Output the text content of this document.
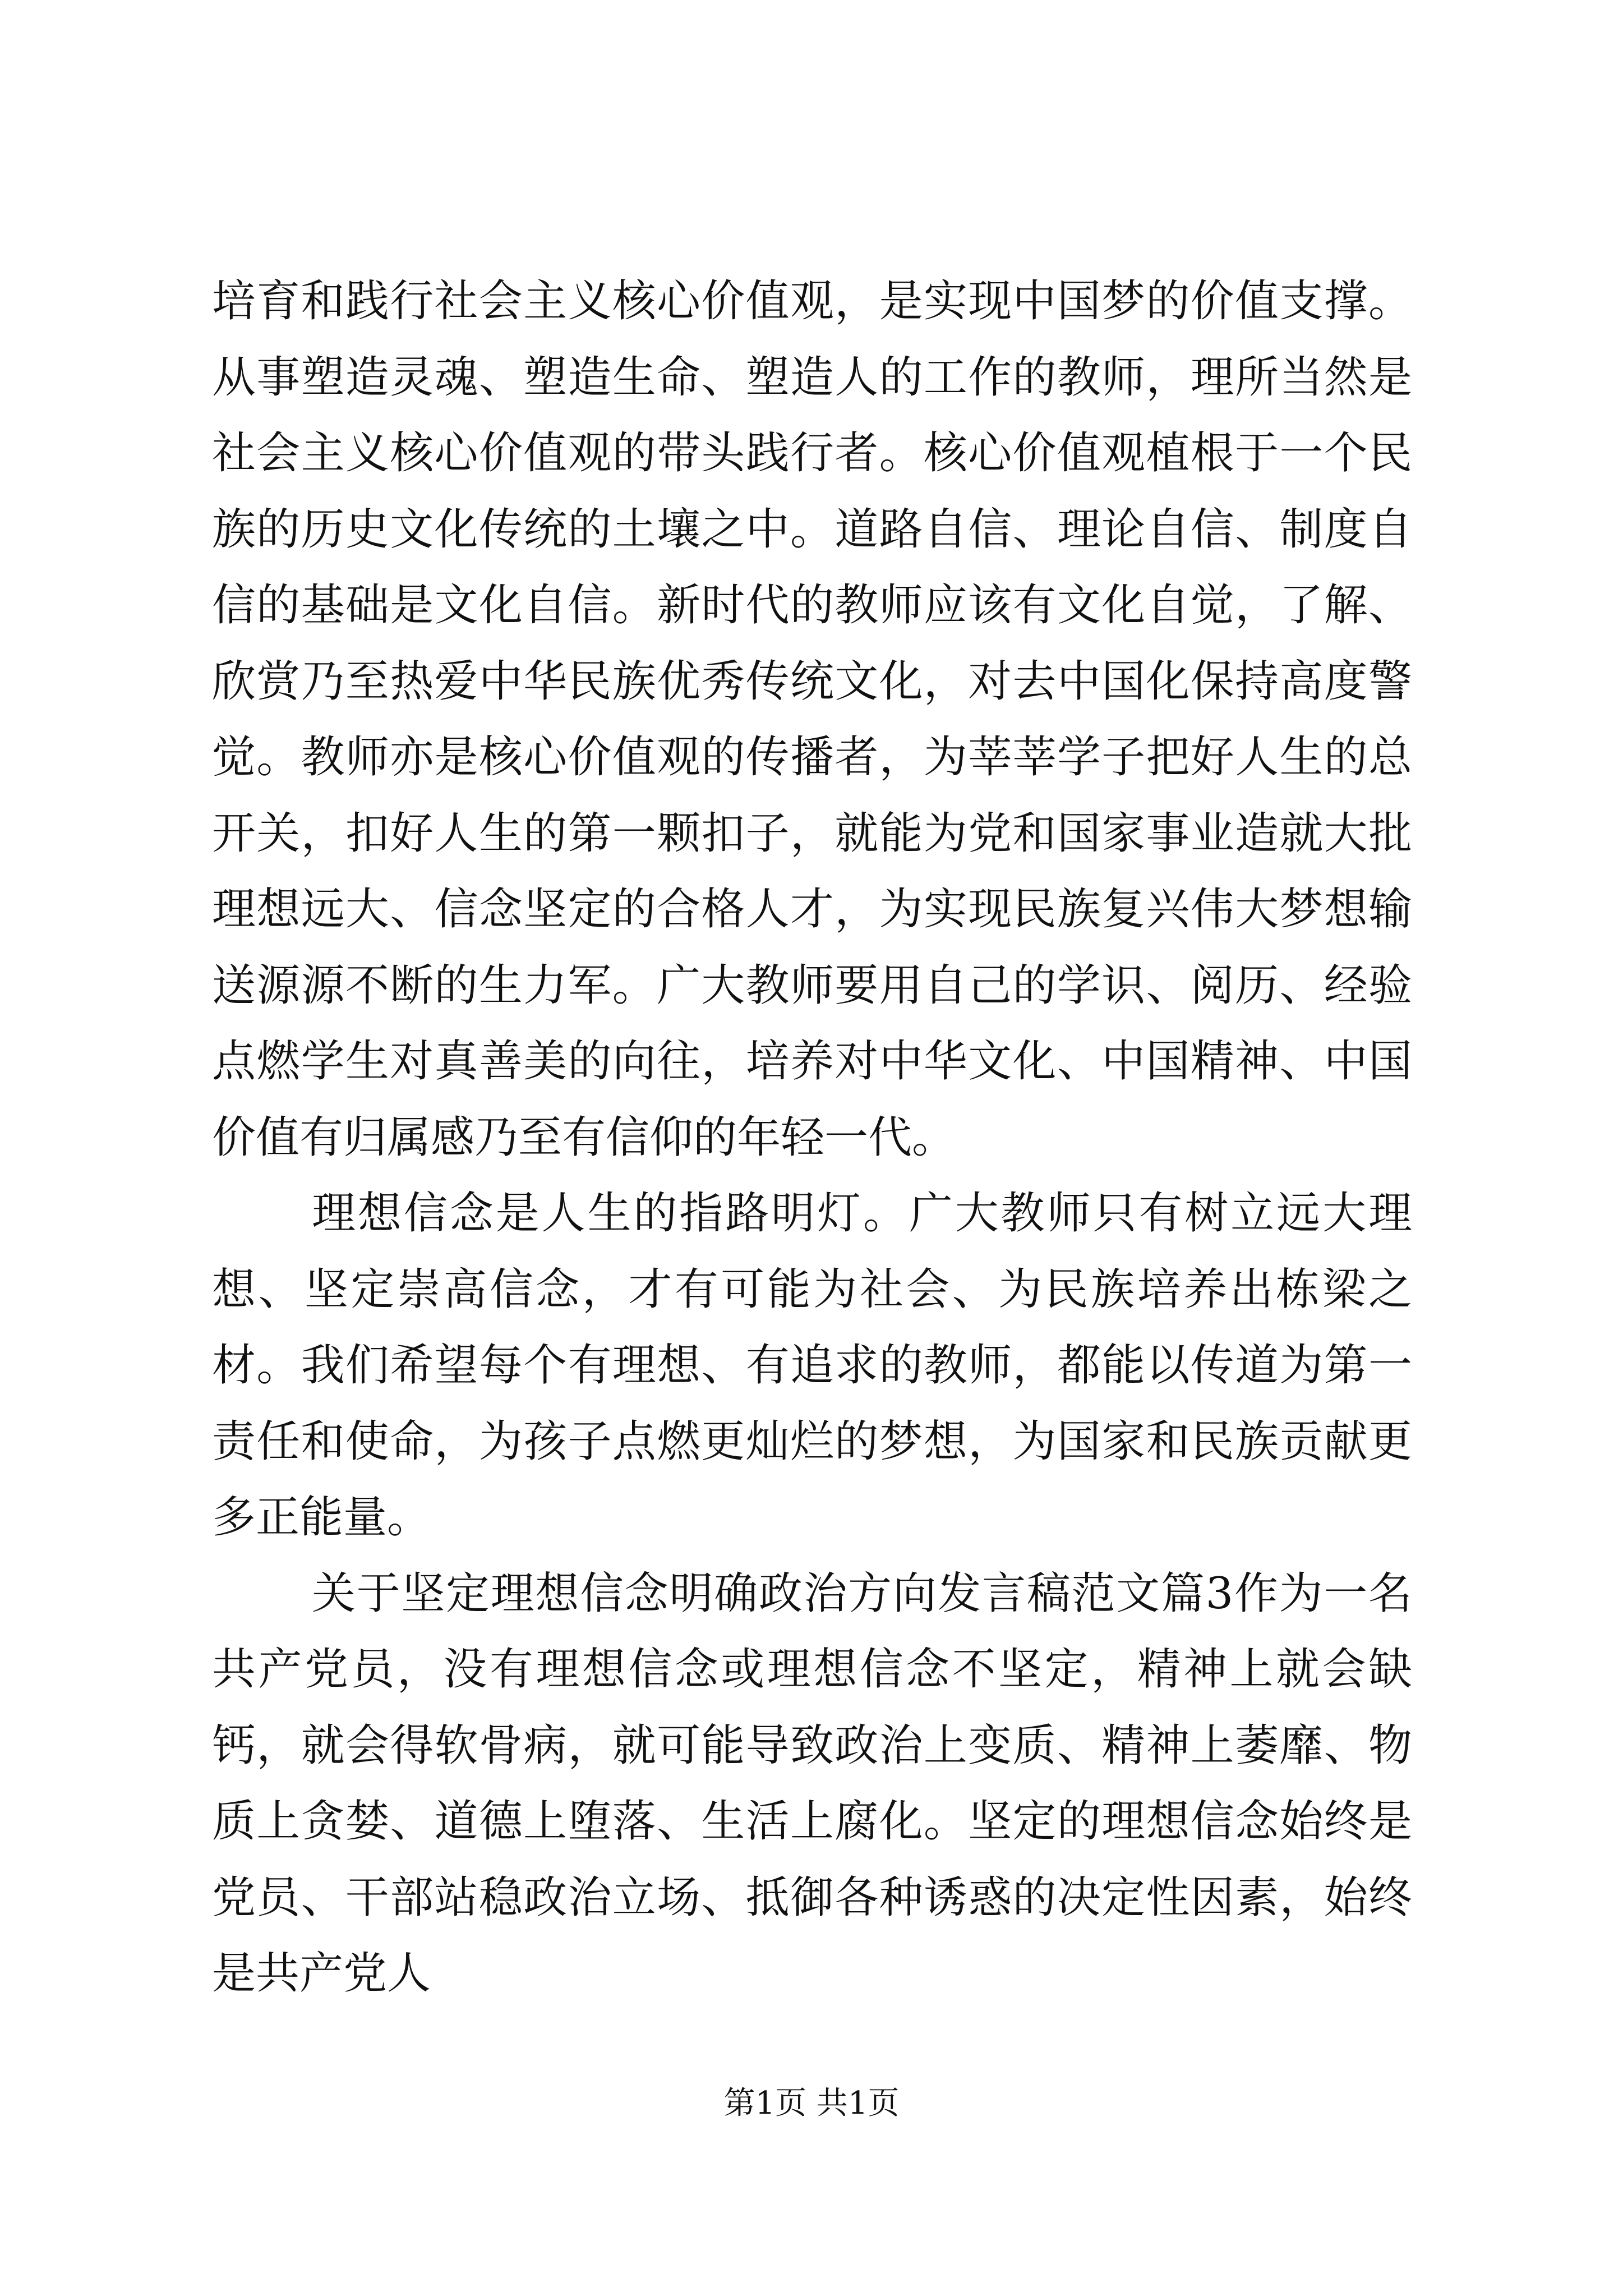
培育和践行社会主义核心价值观，是实现中国梦的价值支撑。从事塑造灵魂、塑造生命、塑造人的工作的教师，理所当然是社会主义核心价值观的带头践行者。核心价值观植根于一个民族的历史文化传统的土壤之中。道路自信、理论自信、制度自信的基础是文化自信。新时代的教师应该有文化自觉，了解、欣赏乃至热爱中华民族优秀传统文化，对去中国化保持高度警觉。教师亦是核心价值观的传播者，为莘莘学子把好人生的总开关，扣好人生的第一颗扣子，就能为党和国家事业造就大批理想远大、信念坚定的合格人才，为实现民族复兴伟大梦想输送源源不断的生力军。广大教师要用自己的学识、阅历、经验点燃学生对真善美的向往，培养对中华文化、中国精神、中国价值有归属感乃至有信仰的年轻一代。

理想信念是人生的指路明灯。广大教师只有树立远大理想、坚定崇高信念，才有可能为社会、为民族培养出栋梁之材。我们希望每个有理想、有追求的教师，都能以传道为第一责任和使命，为孩子点燃更灿烂的梦想，为国家和民族贡献更多正能量。

关于坚定理想信念明确政治方向发言稿范文篇3作为一名共产党员，没有理想信念或理想信念不坚定，精神上就会缺钙，就会得软骨病，就可能导致政治上变质、精神上萎靡、物质上贪婪、道德上堕落、生活上腐化。坚定的理想信念始终是党员、干部站稳政治立场、抵御各种诱惑的决定性因素，始终是共产党人

第1页 共1页
